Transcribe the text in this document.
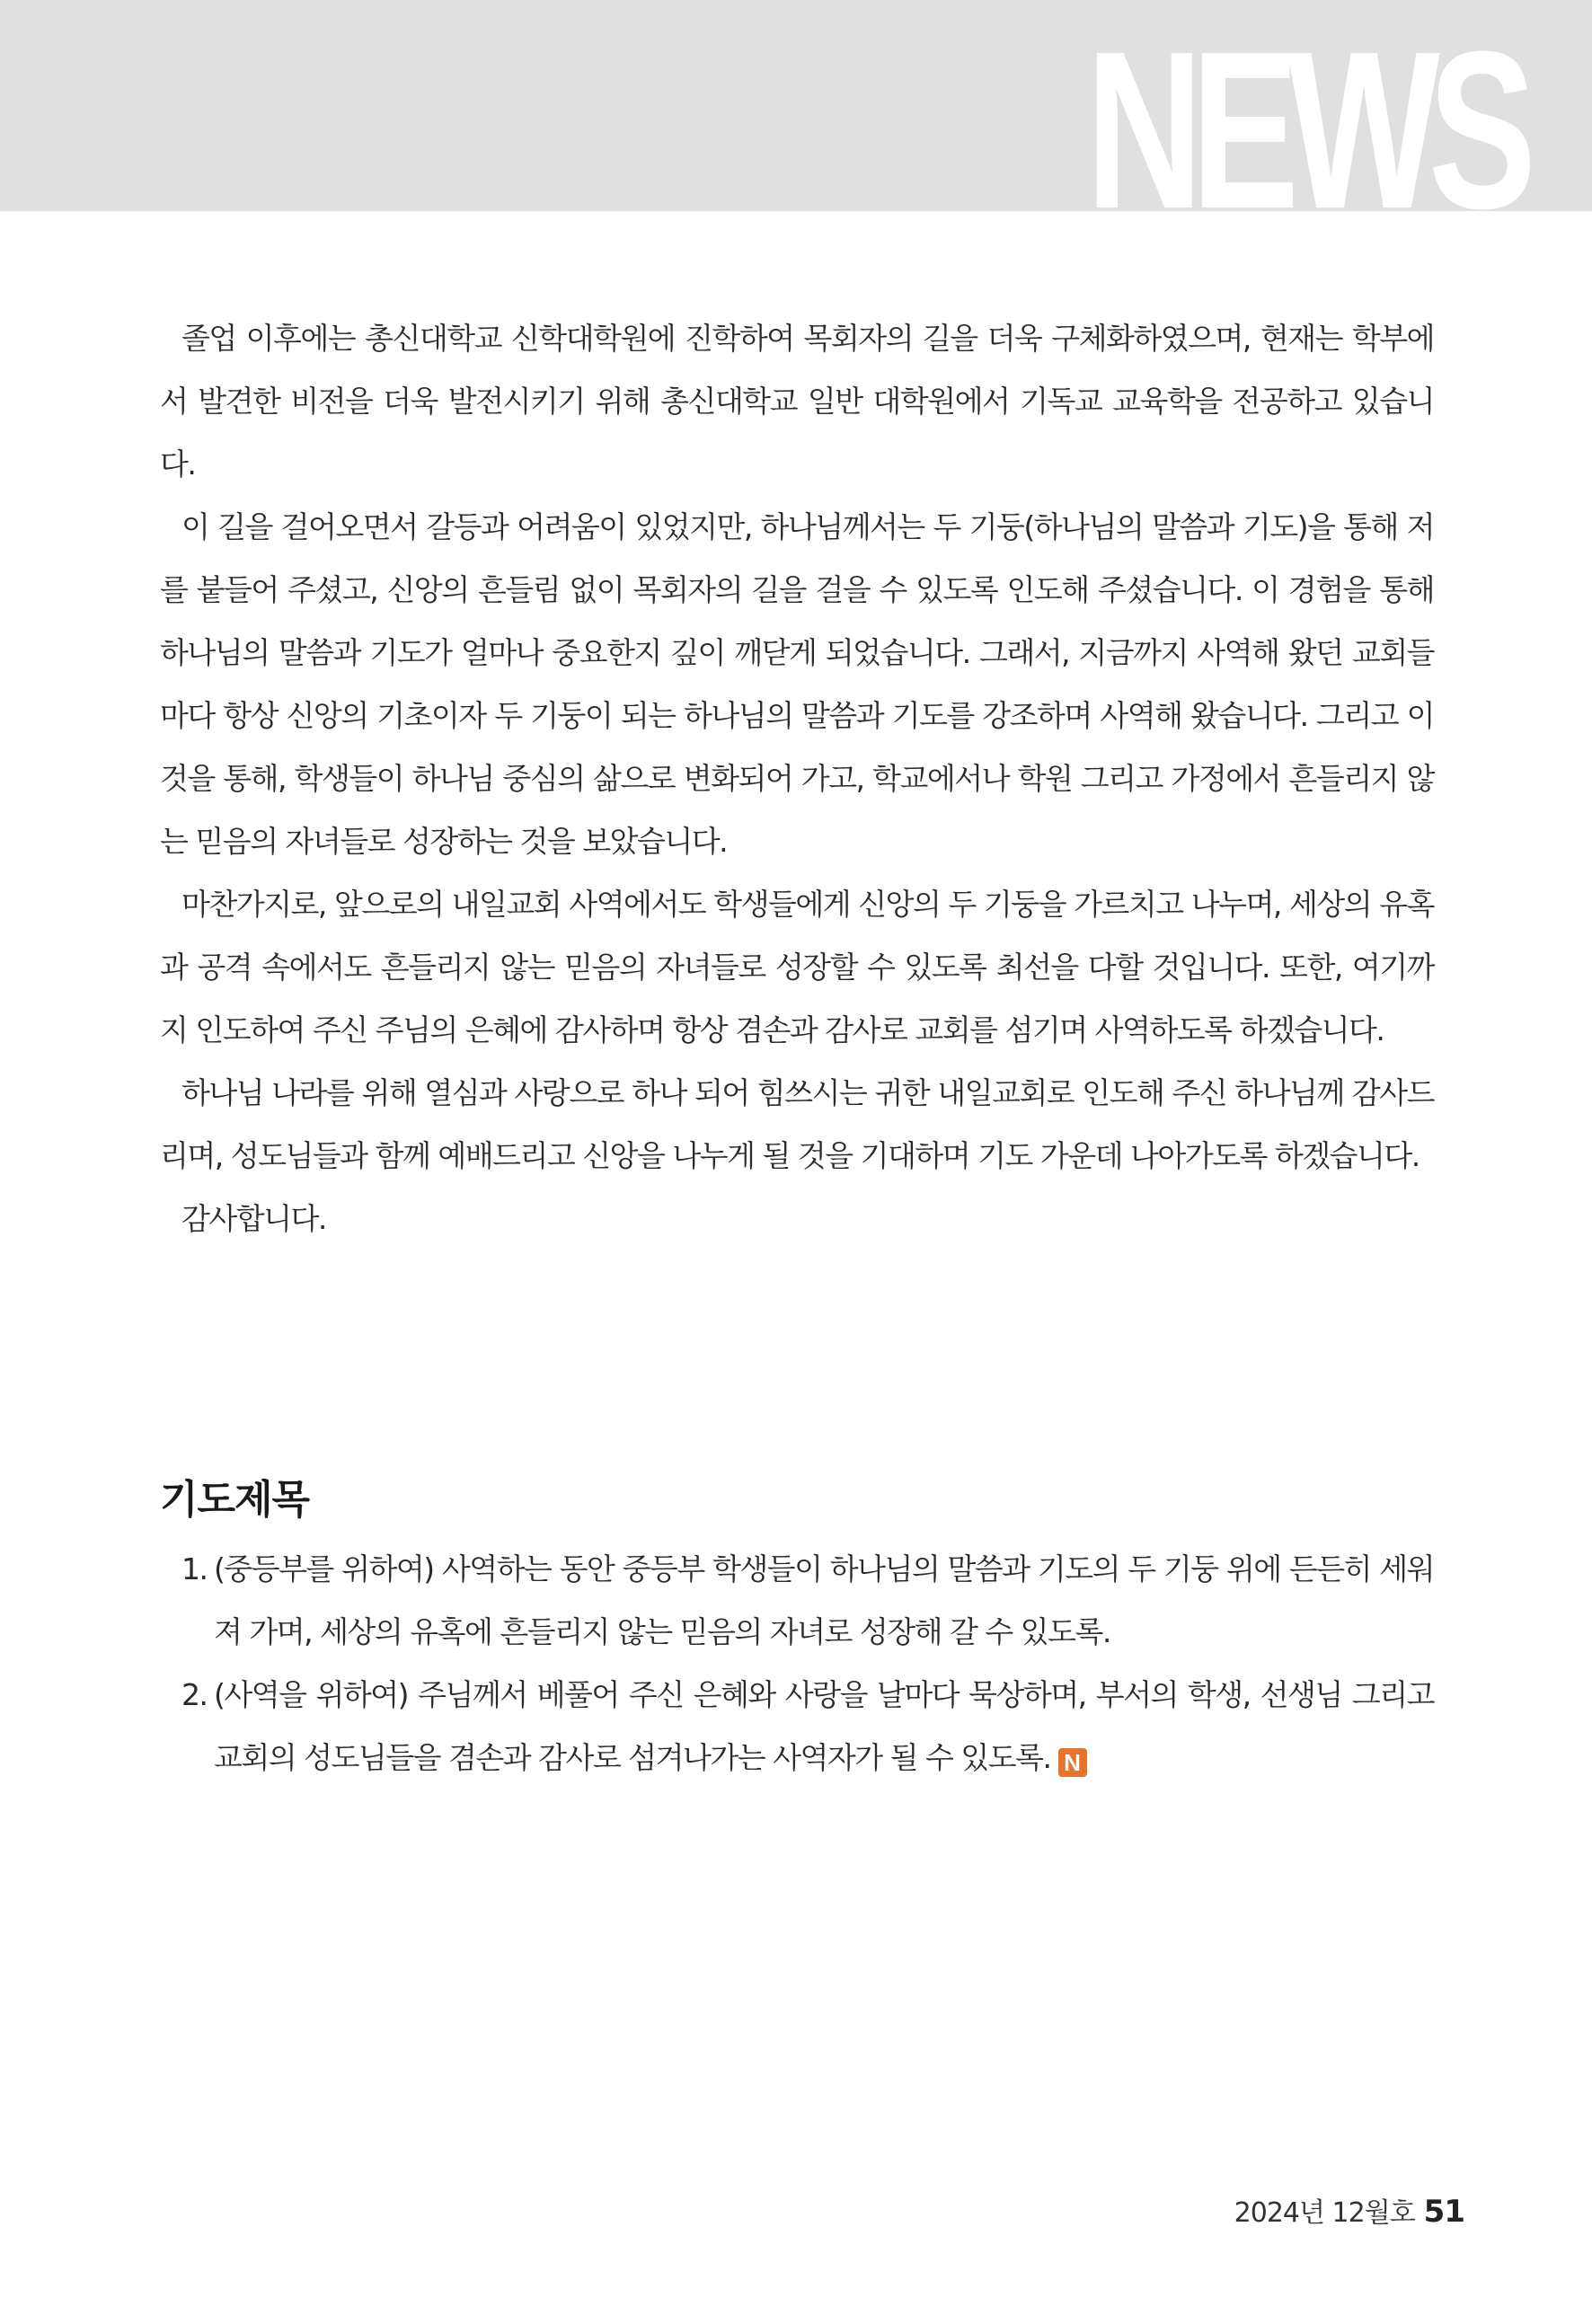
NEWS

졸업 이후에는 총신대학교 신학대학원에 진학하여 목회자의 길을 더욱 구체화하였으며, 현재는 학부에서 발견한 비전을 더욱 발전시키기 위해 총신대학교 일반 대학원에서 기독교 교육학을 전공하고 있습니다.

이 길을 걸어오면서 갈등과 어려움이 있었지만, 하나님께서는 두 기둥(하나님의 말씀과 기도)을 통해 저를 붙들어 주셨고, 신앙의 흔들림 없이 목회자의 길을 걸을 수 있도록 인도해 주셨습니다. 이 경험을 통해 하나님의 말씀과 기도가 얼마나 중요한지 깊이 깨닫게 되었습니다. 그래서, 지금까지 사역해 왔던 교회들마다 항상 신앙의 기초이자 두 기둥이 되는 하나님의 말씀과 기도를 강조하며 사역해 왔습니다. 그리고 이것을 통해, 학생들이 하나님 중심의 삶으로 변화되어 가고, 학교에서나 학원 그리고 가정에서 흔들리지 않는 믿음의 자녀들로 성장하는 것을 보았습니다.

마찬가지로, 앞으로의 내일교회 사역에서도 학생들에게 신앙의 두 기둥을 가르치고 나누며, 세상의 유혹과 공격 속에서도 흔들리지 않는 믿음의 자녀들로 성장할 수 있도록 최선을 다할 것입니다. 또한, 여기까지 인도하여 주신 주님의 은혜에 감사하며 항상 겸손과 감사로 교회를 섬기며 사역하도록 하겠습니다.

하나님 나라를 위해 열심과 사랑으로 하나 되어 힘쓰시는 귀한 내일교회로 인도해 주신 하나님께 감사드리며, 성도님들과 함께 예배드리고 신앙을 나누게 될 것을 기대하며 기도 가운데 나아가도록 하겠습니다.

감사합니다.

기도제목
1. (중등부를 위하여) 사역하는 동안 중등부 학생들이 하나님의 말씀과 기도의 두 기둥 위에 든든히 세워져 가며, 세상의 유혹에 흔들리지 않는 믿음의 자녀로 성장해 갈 수 있도록.
2. (사역을 위하여) 주님께서 베풀어 주신 은혜와 사랑을 날마다 묵상하며, 부서의 학생, 선생님 그리고 교회의 성도님들을 겸손과 감사로 섬겨나가는 사역자가 될 수 있도록. N
2024년 12월호 51
